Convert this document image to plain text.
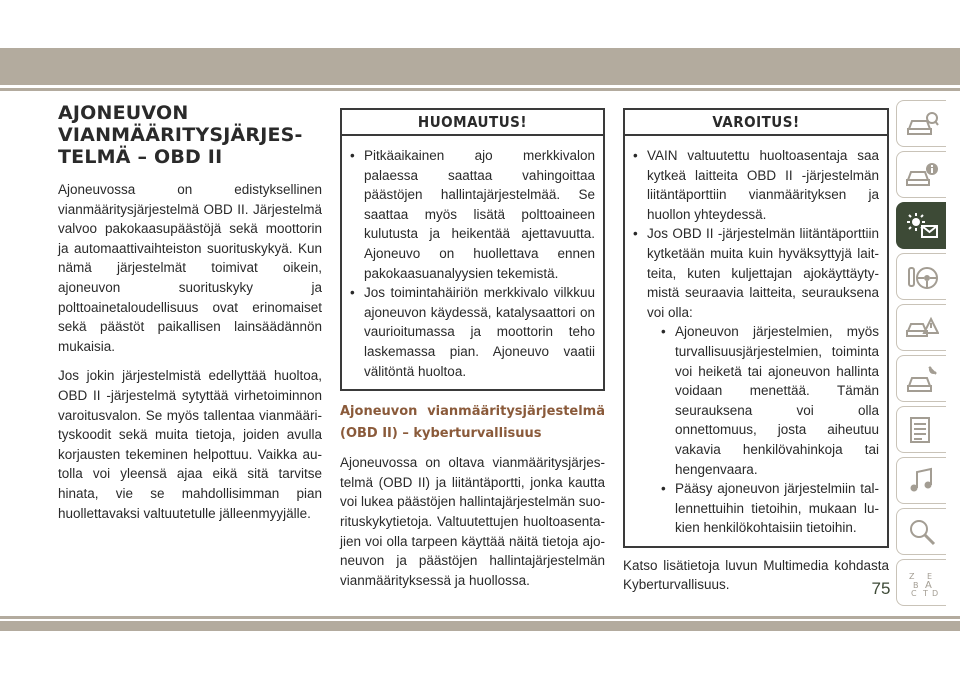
AJONEUVON
VIANMÄÄRITYSJÄRJES-
TELMÄ – OBD II

Ajoneuvossa on edistyksellinen vianmääritysjärjestelmä OBD II. Järjestelmä valvoo pakokaasupäästöjä sekä moottorin ja automaattivaihteiston suorituskykyä. Kun nämä järjestelmät toimivat oikein, ajoneuvon suorituskyky ja polttoainetaloudellisuus ovat erinomaiset sekä päästöt paikallisen lainsäädännön mukaisia.

Jos jokin järjestelmistä edellyttää huoltoa, OBD II -järjestelmä sytyttää virhetoiminnon varoitusvalon. Se myös tallentaa vianmäärityskoodit sekä muita tietoja, joiden avulla korjausten tekeminen helpottuu. Vaikka autolla voi yleensä ajaa eikä sitä tarvitse hinata, vie se mahdollisimman pian huollettavaksi valtuutetulle jälleenmyyjälle.

HUOMAUTUS!
• Pitkäaikainen ajo merkkivalon palaessa saattaa vahingoittaa päästöjen hallintajärjestelmää. Se saattaa myös lisätä polttoaineen kulutusta ja heikentää ajettavuutta. Ajoneuvo on huollettava ennen pakokaasuanalyysien tekemistä.
• Jos toimintahäiriön merkkivalo vilkkuu ajoneuvon käydessä, katalysaattori on vaurioitumassa ja moottorin teho laskemassa pian. Ajoneuvo vaatii välitöntä huoltoa.
Ajoneuvon vianmääritysjärjestelmä (OBD II) – kyberturvallisuus

Ajoneuvossa on oltava vianmääritysjärjestelmä (OBD II) ja liitäntäportti, jonka kautta voi lukea päästöjen hallintajärjestelmän suorituskykytietoja. Valtuutettujen huoltoasentajien voi olla tarpeen käyttää näitä tietoja ajoneuvon ja päästöjen hallintajärjestelmän vianmäärityksessä ja huollossa.

VAROITUS!
• VAIN valtuutettu huoltoasentaja saa kytkeä laitteita OBD II -järjestelmän liitäntäporttiin vianmäärityksen ja huollon yhteydessä.
• Jos OBD II -järjestelmän liitäntäporttiin kytketään muita kuin hyväksyttyjä laitteita, kuten kuljettajan ajokäyttäytymistä seuraavia laitteita, seurauksena voi olla:
• Ajoneuvon järjestelmien, myös turvallisuusjärjestelmien, toiminta voi heiketä tai ajoneuvon hallinta voidaan menettää. Tämän seurauksena voi olla onnettomuus, josta aiheutuu vakavia henkilövahinkoja tai hengenvaara.
• Pääsy ajoneuvon järjestelmiin tallennettuihin tietoihin, mukaan lukien henkilökohtaisiin tietoihin.

Katso lisätietoja luvun Multimedia kohdasta Kyberturvallisuus.

Z E
B A
C T D
75
